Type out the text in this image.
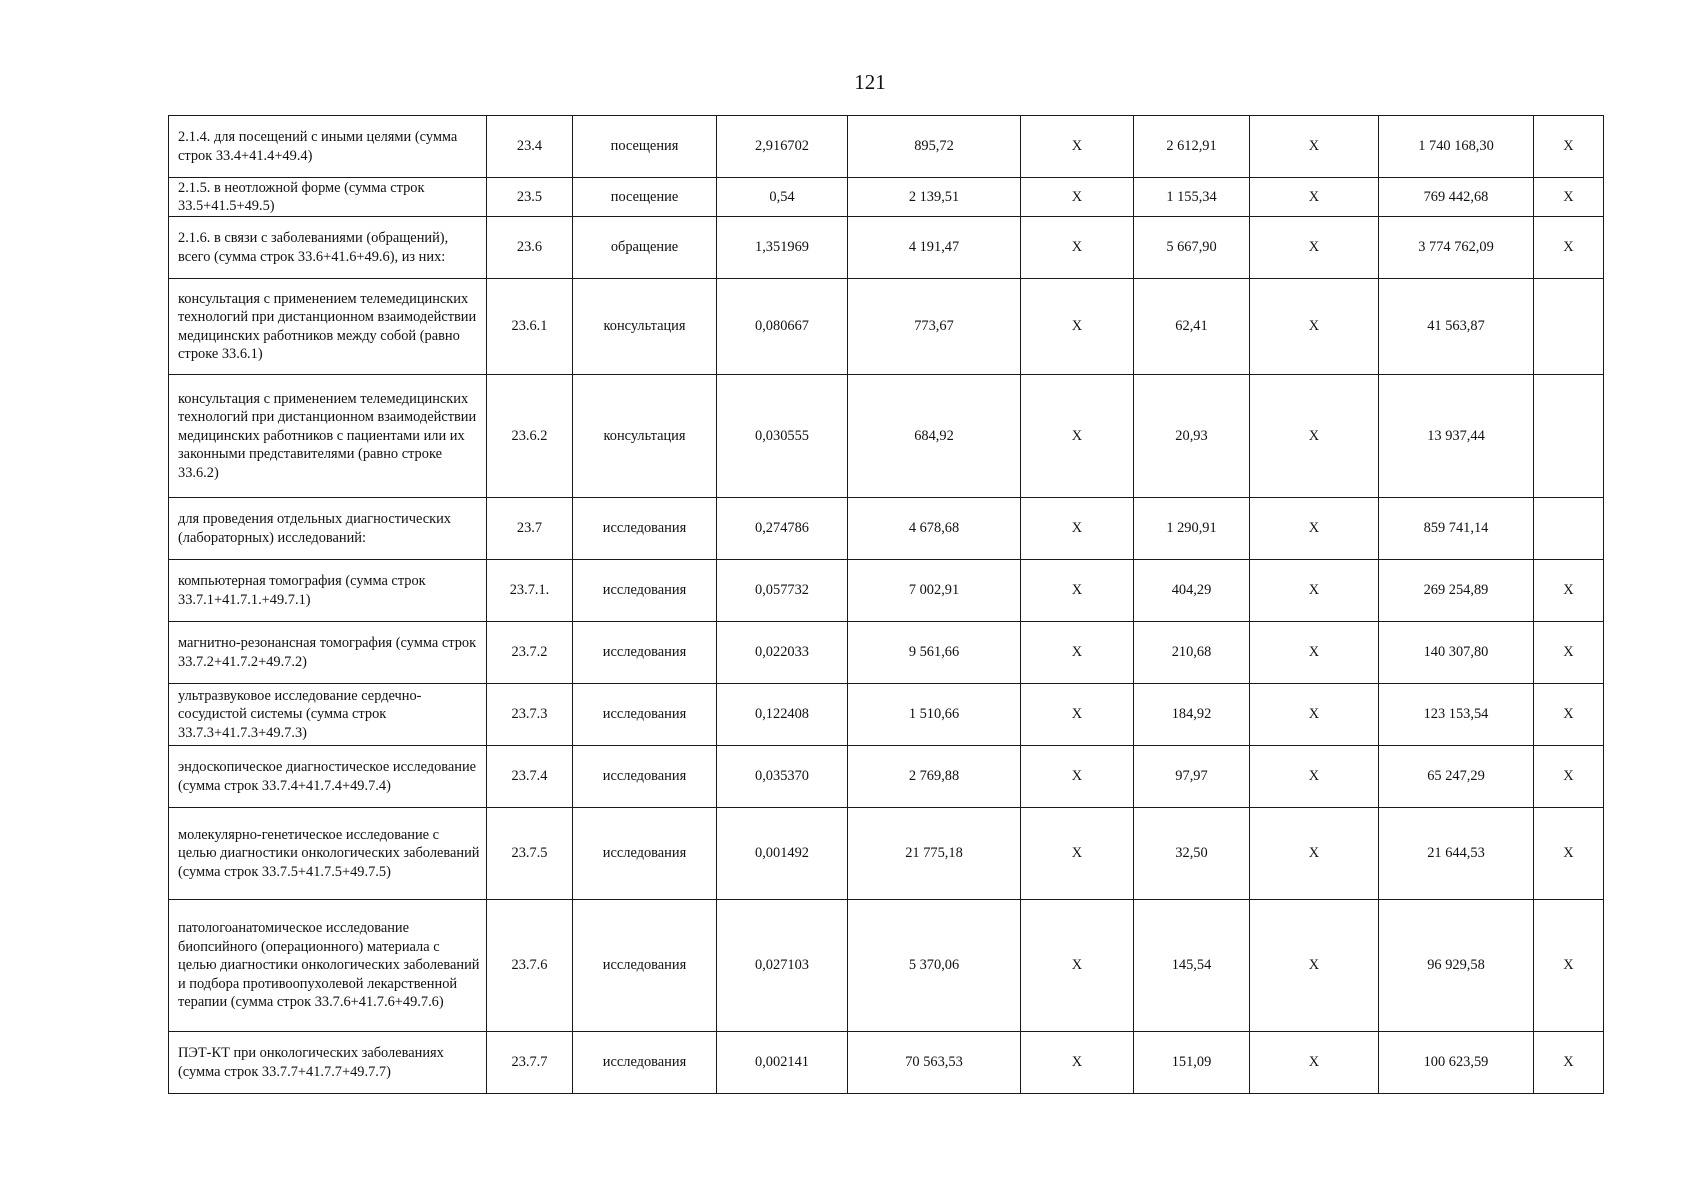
121
2.1.4. для посещений с иными целями (сумма строк 33.4+41.4+49.4)	23.4	посещения	2,916702	895,72	X	2 612,91	X	1 740 168,30	X
2.1.5. в неотложной форме (сумма строк 33.5+41.5+49.5)	23.5	посещение	0,54	2 139,51	X	1 155,34	X	769 442,68	X
2.1.6. в связи с заболеваниями (обращений), всего (сумма строк 33.6+41.6+49.6), из них:	23.6	обращение	1,351969	4 191,47	X	5 667,90	X	3 774 762,09	X
консультация с применением телемедицинских технологий при дистанционном взаимодействии медицинских работников между собой (равно строке 33.6.1)	23.6.1	консультация	0,080667	773,67	X	62,41	X	41 563,87	
консультация с применением телемедицинских технологий при дистанционном взаимодействии медицинских работников с пациентами или их законными представителями (равно строке 33.6.2)	23.6.2	консультация	0,030555	684,92	X	20,93	X	13 937,44	
для проведения отдельных диагностических (лабораторных) исследований:	23.7	исследования	0,274786	4 678,68	X	1 290,91	X	859 741,14	
компьютерная томография (сумма строк 33.7.1+41.7.1.+49.7.1)	23.7.1.	исследования	0,057732	7 002,91	X	404,29	X	269 254,89	X
магнитно-резонансная томография (сумма строк 33.7.2+41.7.2+49.7.2)	23.7.2	исследования	0,022033	9 561,66	X	210,68	X	140 307,80	X
ультразвуковое исследование сердечно-сосудистой системы (сумма строк 33.7.3+41.7.3+49.7.3)	23.7.3	исследования	0,122408	1 510,66	X	184,92	X	123 153,54	X
эндоскопическое диагностическое исследование (сумма строк 33.7.4+41.7.4+49.7.4)	23.7.4	исследования	0,035370	2 769,88	X	97,97	X	65 247,29	X
молекулярно-генетическое исследование с целью диагностики онкологических заболеваний (сумма строк 33.7.5+41.7.5+49.7.5)	23.7.5	исследования	0,001492	21 775,18	X	32,50	X	21 644,53	X
патологоанатомическое исследование биопсийного (операционного) материала с целью диагностики онкологических заболеваний и подбора противоопухолевой лекарственной терапии (сумма строк 33.7.6+41.7.6+49.7.6)	23.7.6	исследования	0,027103	5 370,06	X	145,54	X	96 929,58	X
ПЭТ-КТ при онкологических заболеваниях (сумма строк 33.7.7+41.7.7+49.7.7)	23.7.7	исследования	0,002141	70 563,53	X	151,09	X	100 623,59	X
